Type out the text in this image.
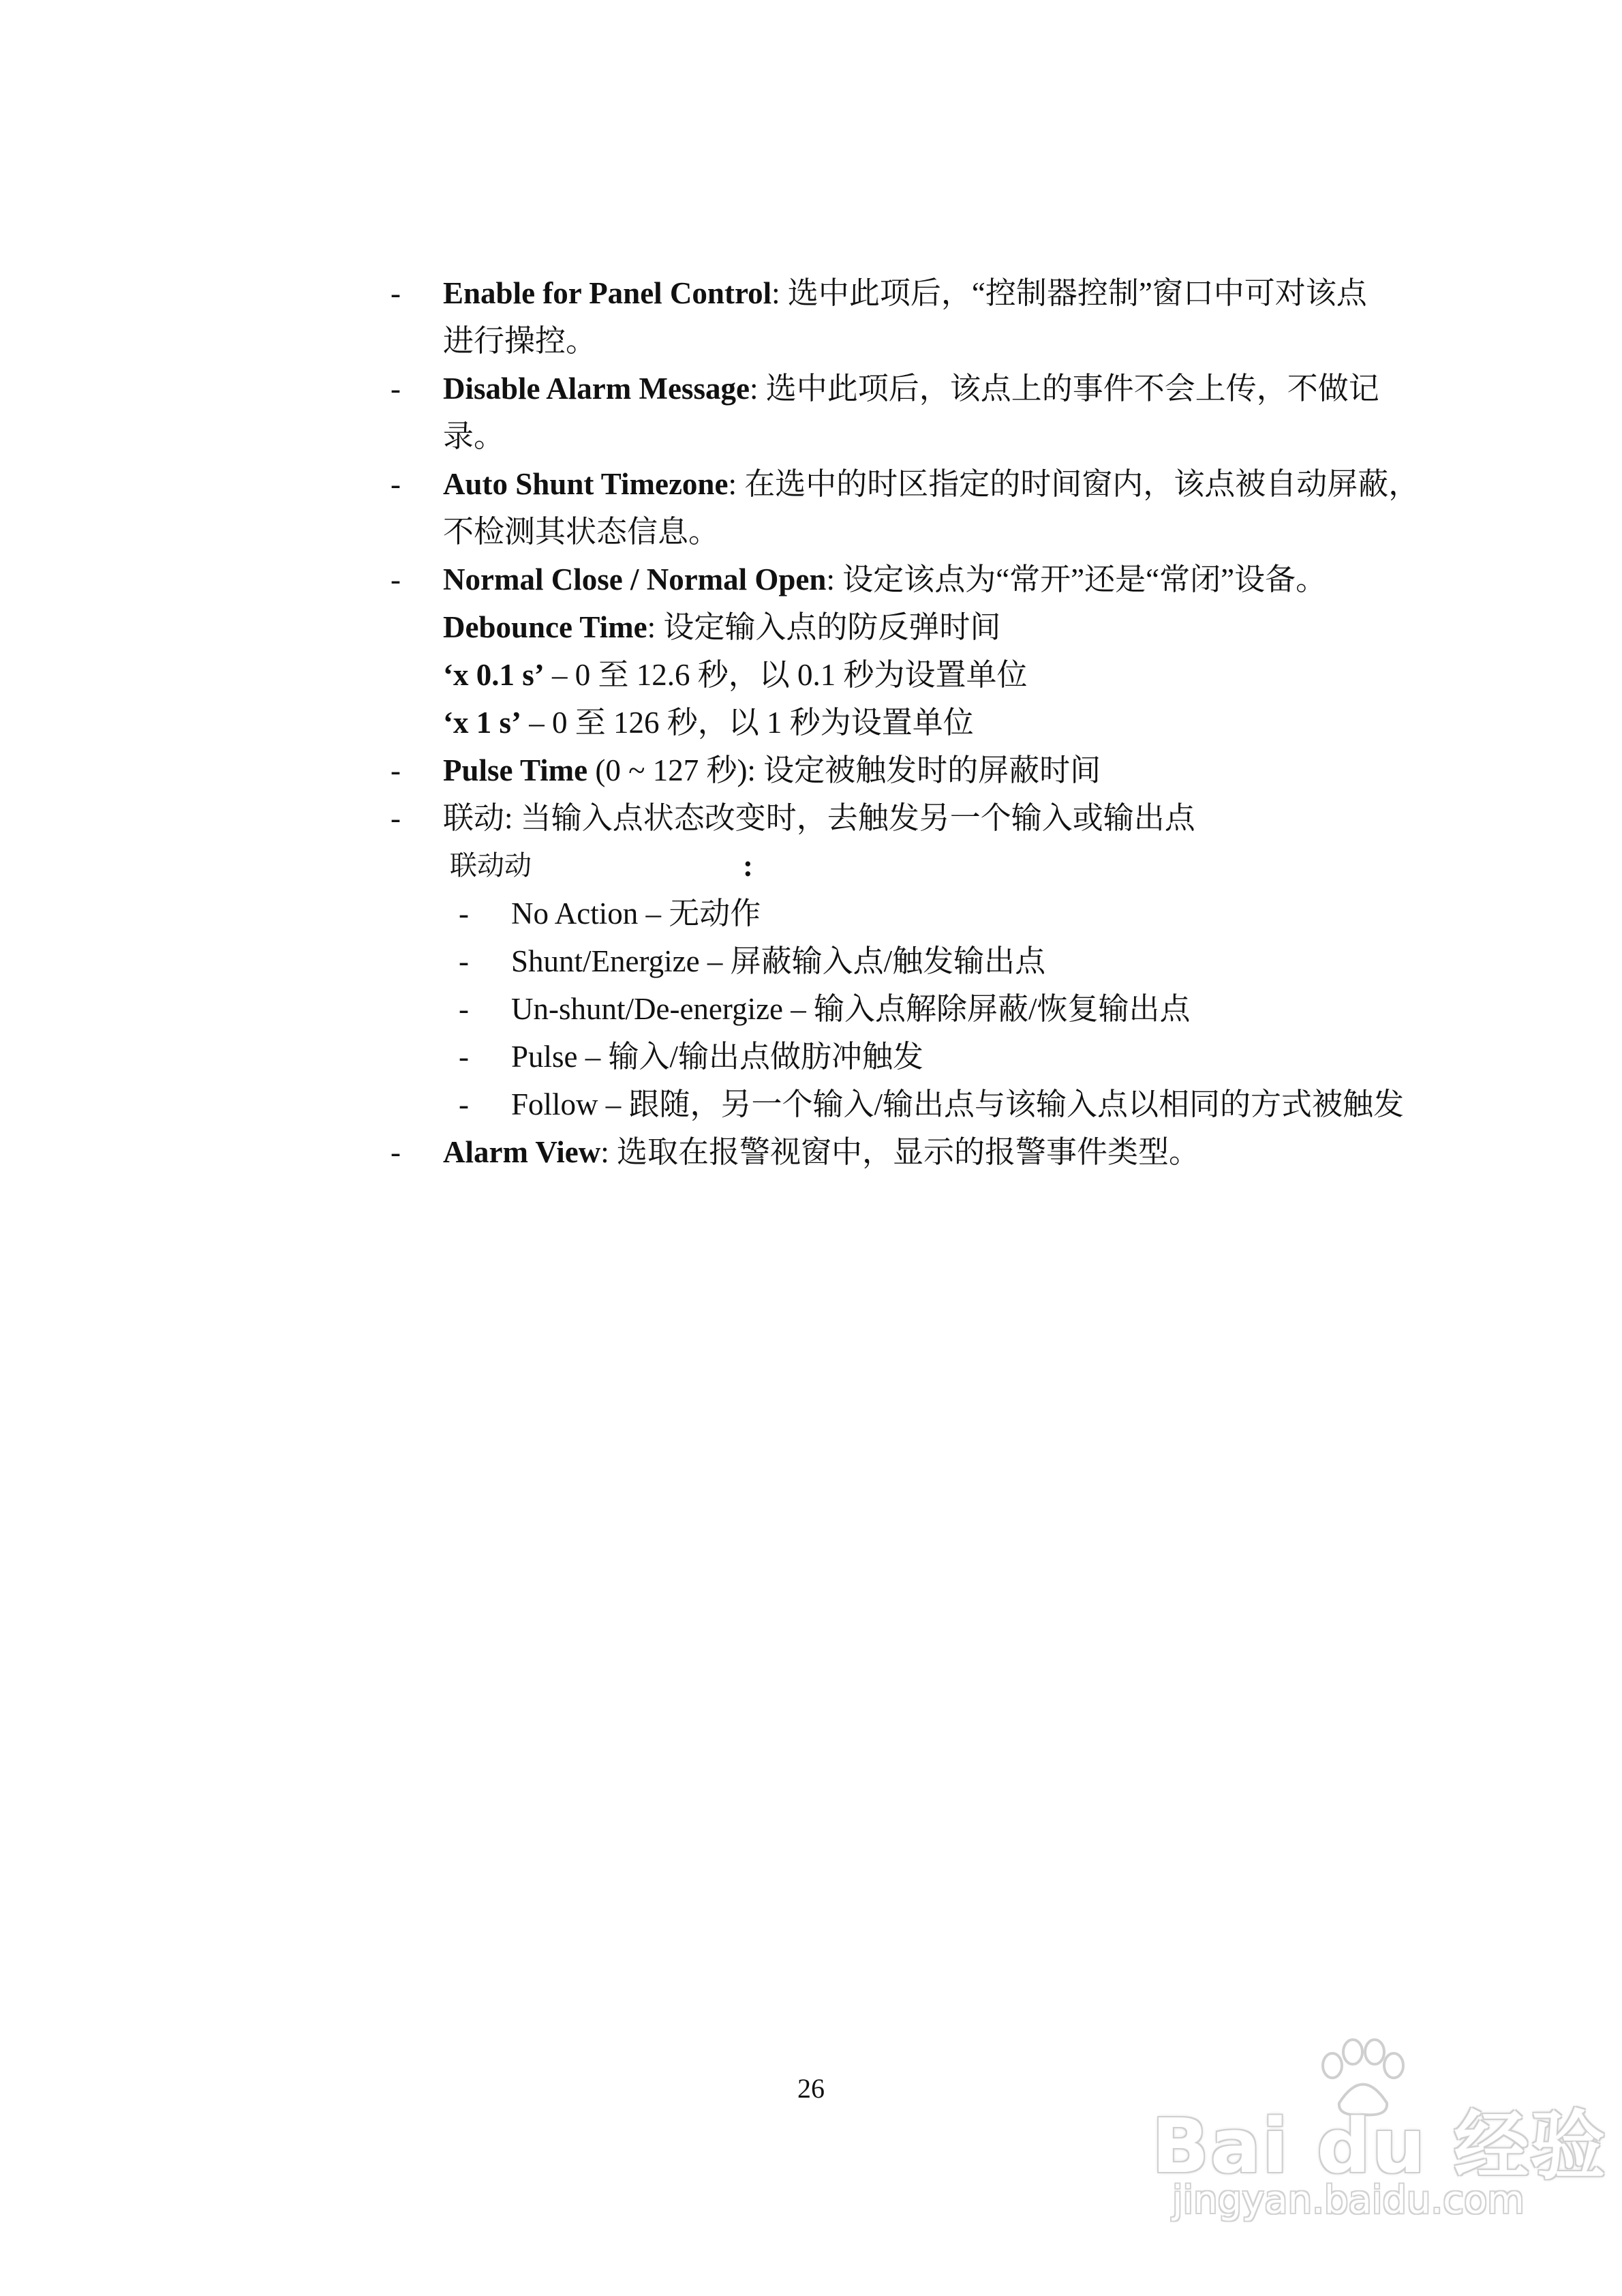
- Enable for Panel Control: 选中此项后，“控制器控制”窗口中可对该点
进行操控。
- Disable Alarm Message: 选中此项后，该点上的事件不会上传，不做记
录。
- Auto Shunt Timezone: 在选中的时区指定的时间窗内，该点被自动屏蔽，
不检测其状态信息。
- Normal Close / Normal Open: 设定该点为“常开”还是“常闭”设备。
Debounce Time: 设定输入点的防反弹时间
‘x 0.1 s’ – 0 至 12.6 秒，以 0.1 秒为设置单位
‘x 1 s’ – 0 至 126 秒，以 1 秒为设置单位
- Pulse Time (0 ~ 127 秒): 设定被触发时的屏蔽时间
- 联动: 当输入点状态改变时，去触发另一个输入或输出点
联动动	:
- No Action – 无动作
- Shunt/Energize – 屏蔽输入点/触发输出点
- Un-shunt/De-energize – 输入点解除屏蔽/恢复输出点
- Pulse – 输入/输出点做肪冲触发
- Follow – 跟随，另一个输入/输出点与该输入点以相同的方式被触发
- Alarm View: 选取在报警视窗中，显示的报警事件类型。
26
Bai du 经验
jingyan.baidu.com
